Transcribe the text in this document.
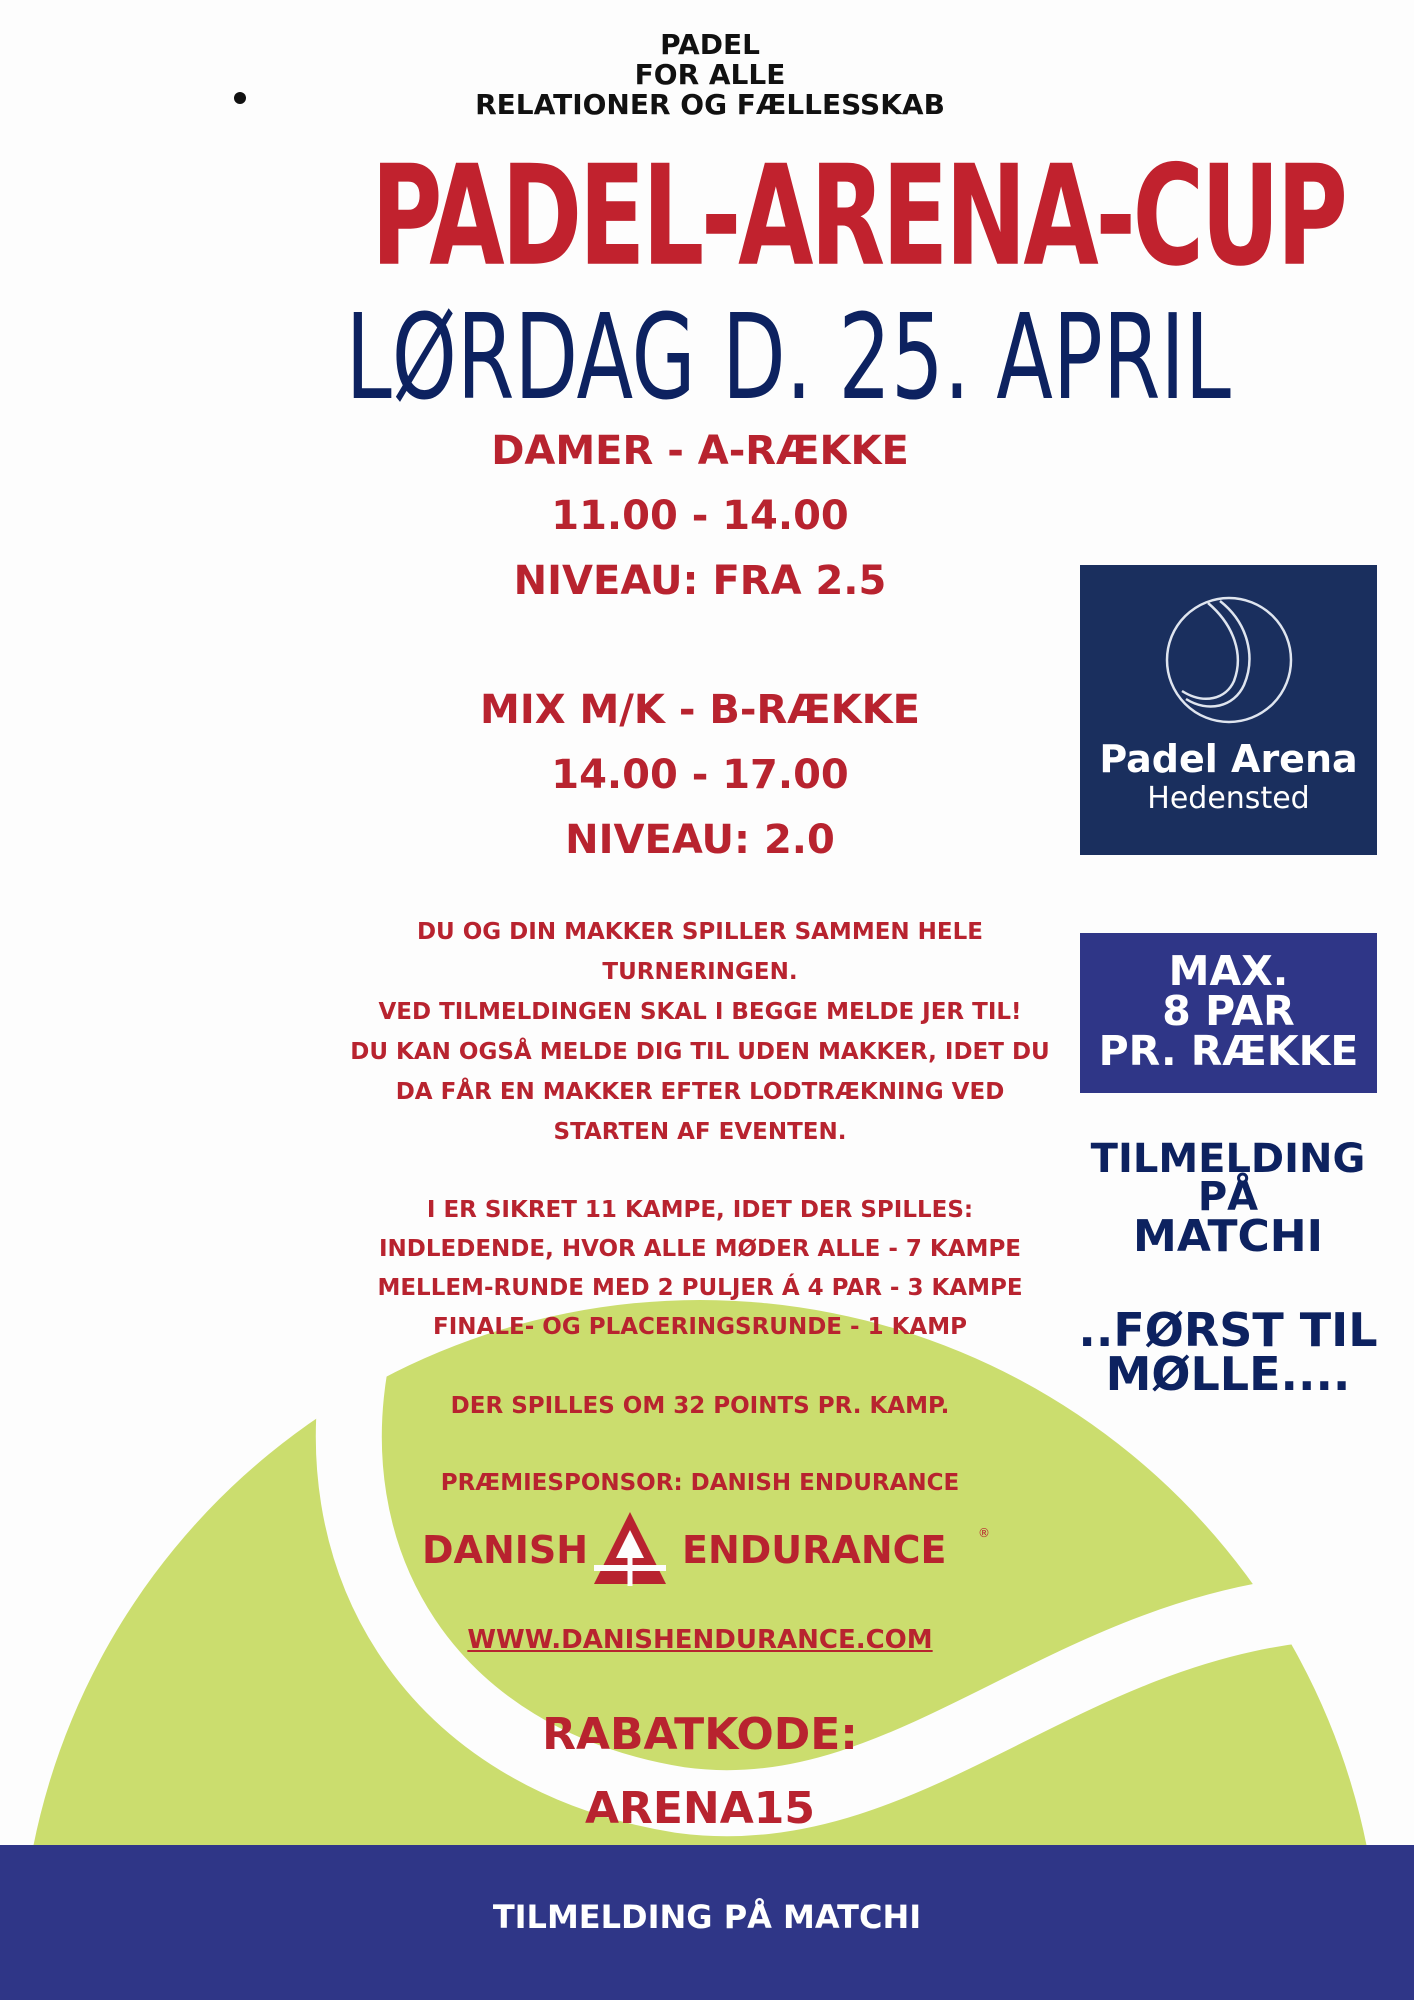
PADEL
FOR ALLE
RELATIONER OG FÆLLESSKAB
PADEL-ARENA-CUP
LØRDAG D. 25. APRIL
DAMER - A-RÆKKE
11.00 - 14.00
NIVEAU: FRA 2.5
MIX M/K - B-RÆKKE
14.00 - 17.00
NIVEAU: 2.0
DU OG DIN MAKKER SPILLER SAMMEN HELE
TURNERINGEN.
VED TILMELDINGEN SKAL I BEGGE MELDE JER TIL!
DU KAN OGSÅ MELDE DIG TIL UDEN MAKKER, IDET DU
DA FÅR EN MAKKER EFTER LODTRÆKNING VED
STARTEN AF EVENTEN.
I ER SIKRET 11 KAMPE, IDET DER SPILLES:
INDLEDENDE, HVOR ALLE MØDER ALLE - 7 KAMPE
MELLEM-RUNDE MED 2 PULJER Á 4 PAR - 3 KAMPE
FINALE- OG PLACERINGSRUNDE - 1 KAMP
DER SPILLES OM 32 POINTS PR. KAMP.
PRÆMIESPONSOR: DANISH ENDURANCE
DANISH ENDURANCE	®
WWW.DANISHENDURANCE.COM
RABATKODE:
ARENA15
Padel Arena
Hedensted
MAX.
8 PAR
PR. RÆKKE
TILMELDING
PÅ
MATCHI
..FØRST TIL
MØLLE....
TILMELDING PÅ MATCHI
